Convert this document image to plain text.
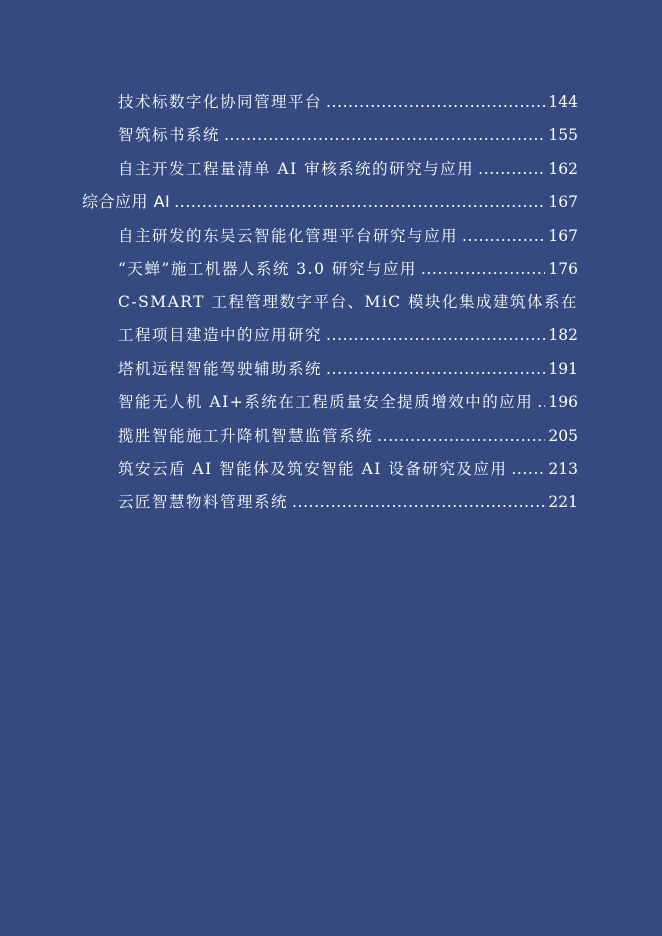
技术标数字化协同管理平台 .....	144
智筑标书系统 .....	155
自主开发工程量清单 AI 审核系统的研究与应用 .....	162
综合应用 AI .....	167
自主研发的东吴云智能化管理平台研究与应用 .....	167
“天蝉”施工机器人系统 3.0 研究与应用 .....	176
C-SMART 工程管理数字平台、MiC 模块化集成建筑体系在
工程项目建造中的应用研究 .....	182
塔机远程智能驾驶辅助系统 .....	191
智能无人机 AI+系统在工程质量安全提质增效中的应用 ..... 196
揽胜智能施工升降机智慧监管系统 .....	205
筑安云盾 AI 智能体及筑安智能 AI 设备研究及应用 .....	213
云匠智慧物料管理系统 .....	221
